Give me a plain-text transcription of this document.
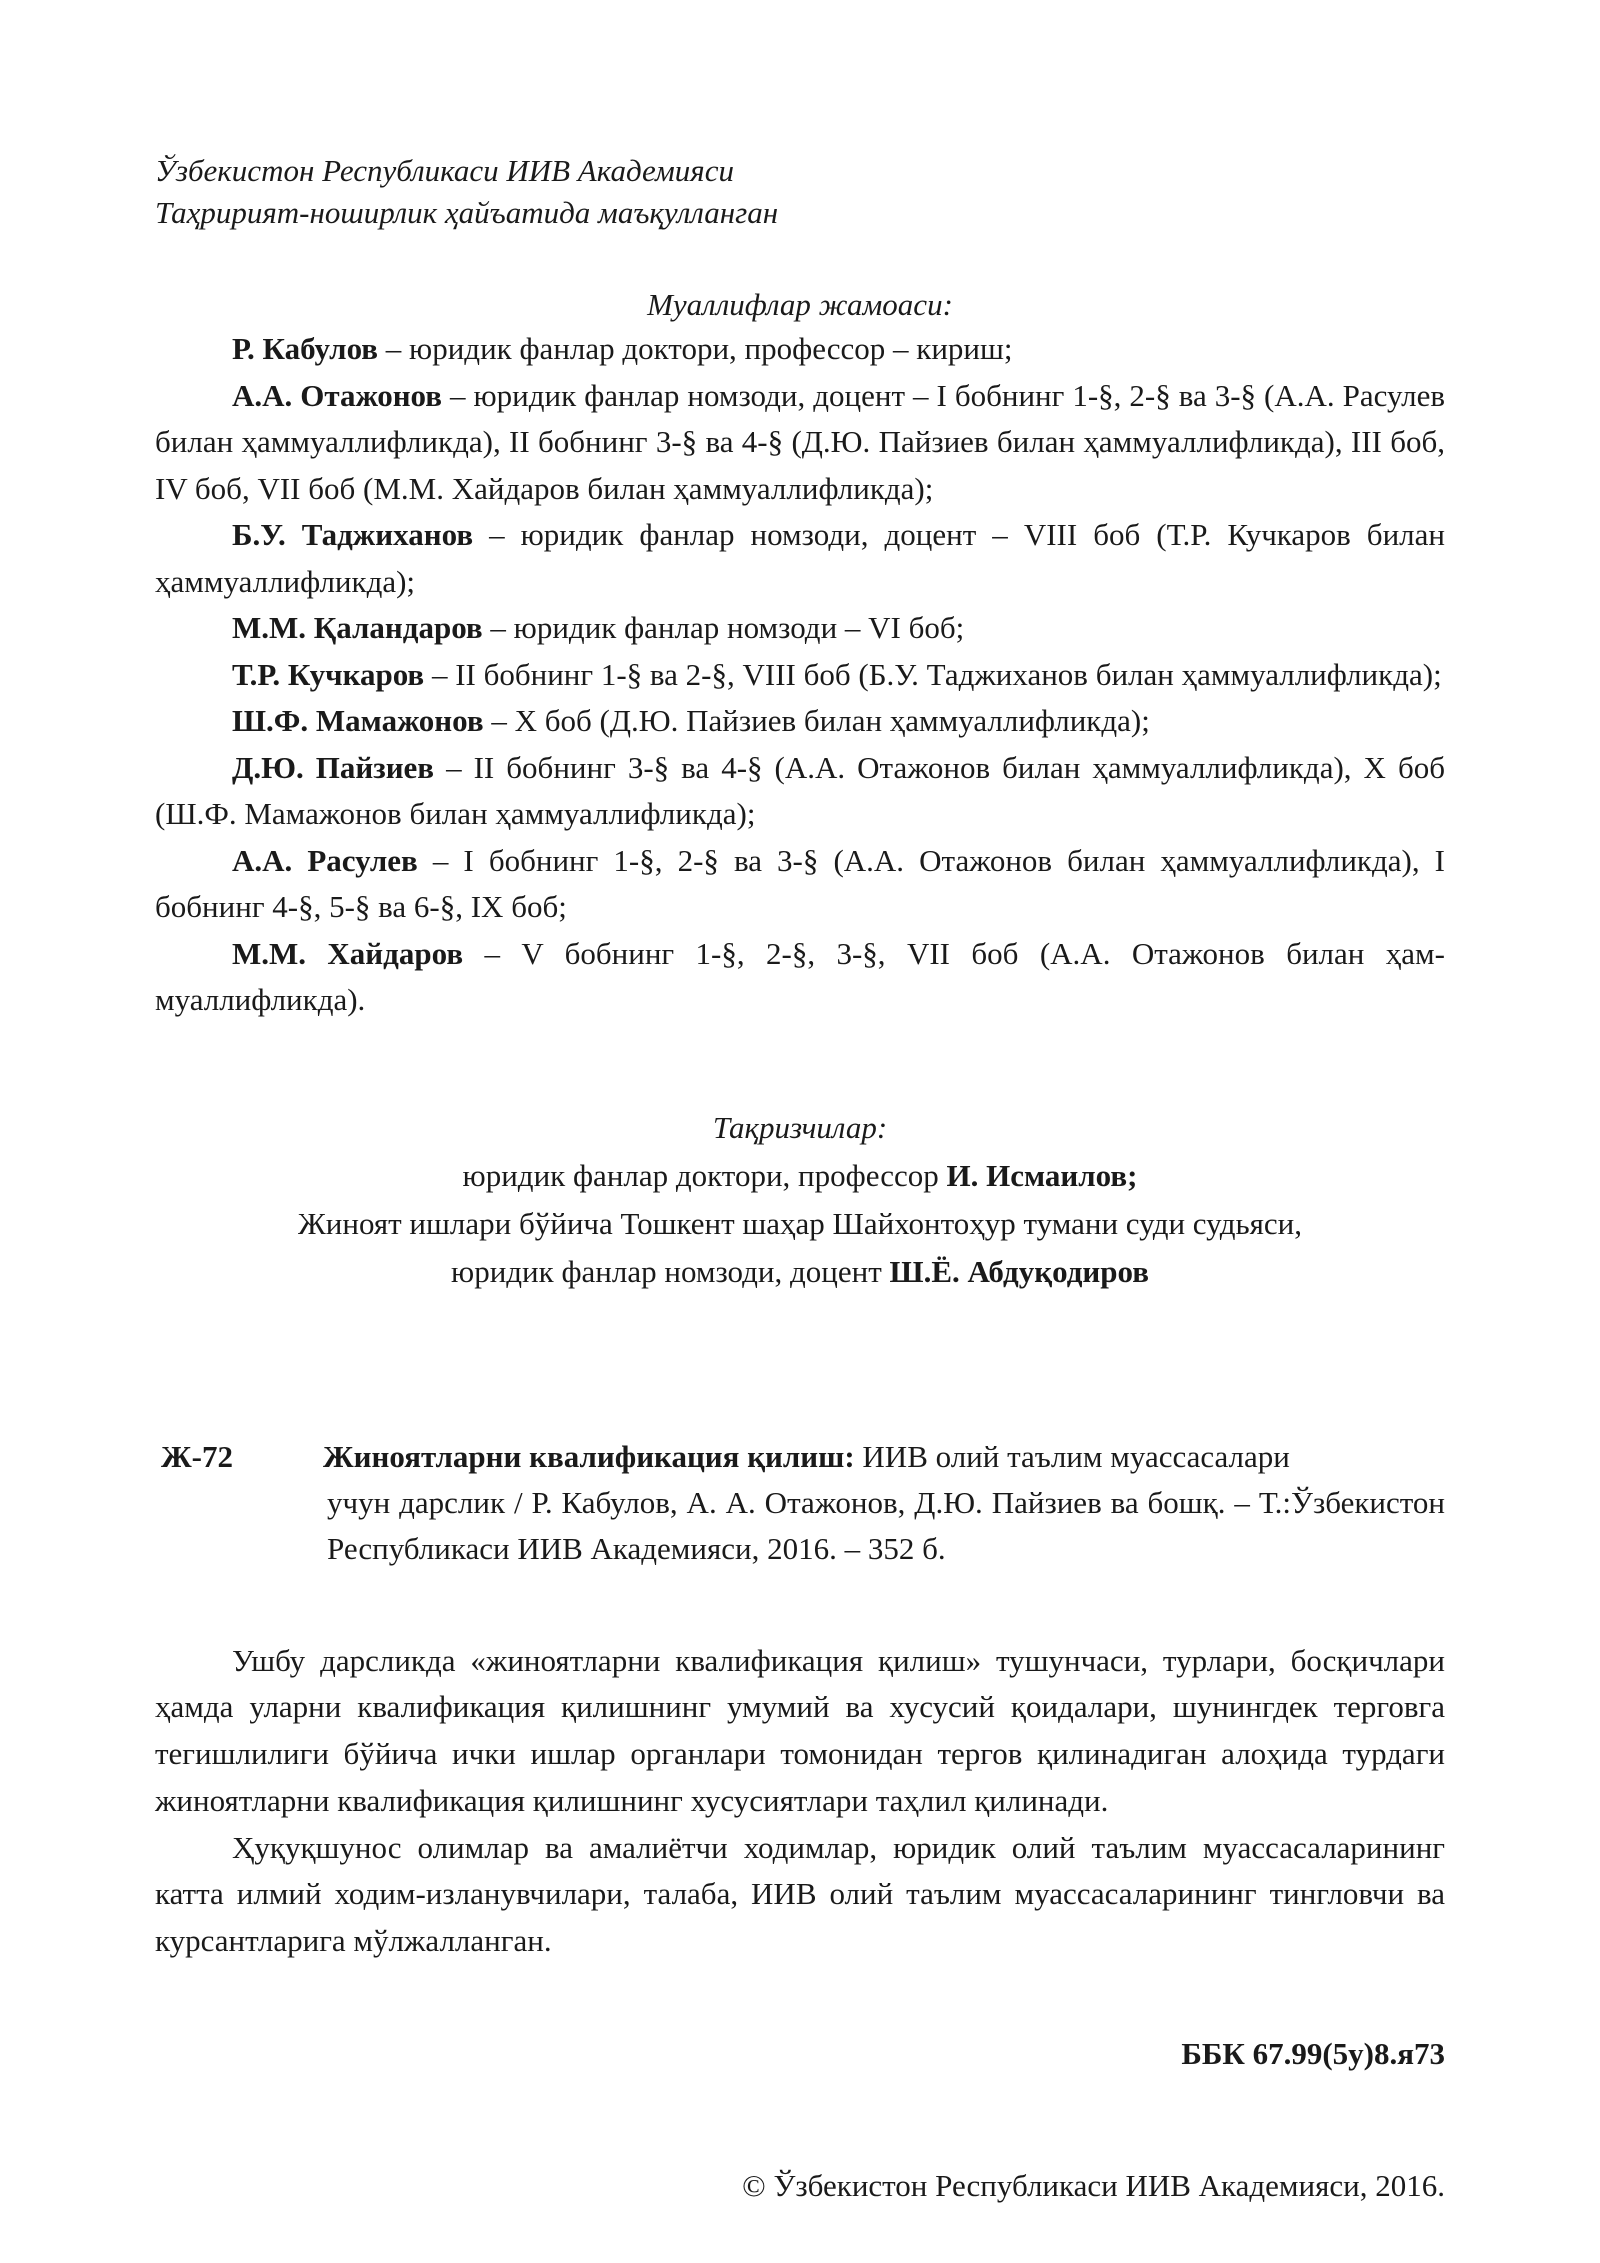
Ўзбекистон Республикаси ИИВ Академияси

Таҳририят-ноширлик ҳайъатида маъқулланган

Муаллифлар жамоаси:

Р. Кабулов – юридик фанлар доктори, профессор – кириш;

А.А. Отажонов – юридик фанлар номзоди, доцент – I бобнинг 1-§, 2-§ ва 3-§ (А.А. Расулев билан ҳаммуаллифликда), II бобнинг 3-§ ва 4-§ (Д.Ю. Пайзиев билан ҳаммуаллифликда), III боб, IV боб, VII боб (М.М. Хайдаров билан ҳаммуаллифликда);

Б.У. Таджиханов – юридик фанлар номзоди, доцент – VIII боб (Т.Р. Кучкаров билан ҳаммуаллифликда);

М.М. Қаландаров – юридик фанлар номзоди – VI боб;

Т.Р. Кучкаров – II бобнинг 1-§ ва 2-§, VIII боб (Б.У. Таджиханов билан ҳаммуаллифликда);

Ш.Ф. Мамажонов – X боб (Д.Ю. Пайзиев билан ҳаммуаллифликда);

Д.Ю. Пайзиев – II бобнинг 3-§ ва 4-§ (А.А. Отажонов билан ҳаммуаллифликда), X боб (Ш.Ф. Мамажонов билан ҳаммуаллифликда);

А.А. Расулев – I бобнинг 1-§, 2-§ ва 3-§ (А.А. Отажонов билан ҳаммуаллифликда), I бобнинг 4-§, 5-§ ва 6-§, IX боб;

М.М. Хайдаров – V бобнинг 1-§, 2-§, 3-§, VII боб (А.А. Отажонов билан ҳаммуаллифликда).

Тақризчилар:

юридик фанлар доктори, профессор И. Исмаилов;

Жиноят ишлари бўйича Тошкент шаҳар Шайхонтоҳур тумани суди судьяси,

юридик фанлар номзоди, доцент Ш.Ё. Абдуқодиров

Ж-72	Жиноятларни квалификация қилиш: ИИВ олий таълим муассасалари
учун дарслик / Р. Кабулов, А. А. Отажонов, Д.Ю. Пайзиев ва бошқ. – Т.:Ўзбекистон Республикаси ИИВ Академияси, 2016. – 352 б.

Ушбу дарсликда «жиноятларни квалификация қилиш» тушунчаси, турлари, босқичлари ҳамда уларни квалификация қилишнинг умумий ва хусусий қоидалари, шунингдек терговга тегишлилиги бўйича ички ишлар органлари томонидан тергов қилинадиган алоҳида турдаги жиноятларни квалификация қилишнинг хусусиятлари таҳлил қилинади.

Ҳуқуқшунос олимлар ва амалиётчи ходимлар, юридик олий таълим муассасаларининг катта илмий ходим-изланувчилари, талаба, ИИВ олий таълим муассасаларининг тингловчи ва курсантларига мўлжалланган.

ББК 67.99(5у)8.я73

© Ўзбекистон Республикаси ИИВ Академияси, 2016.
